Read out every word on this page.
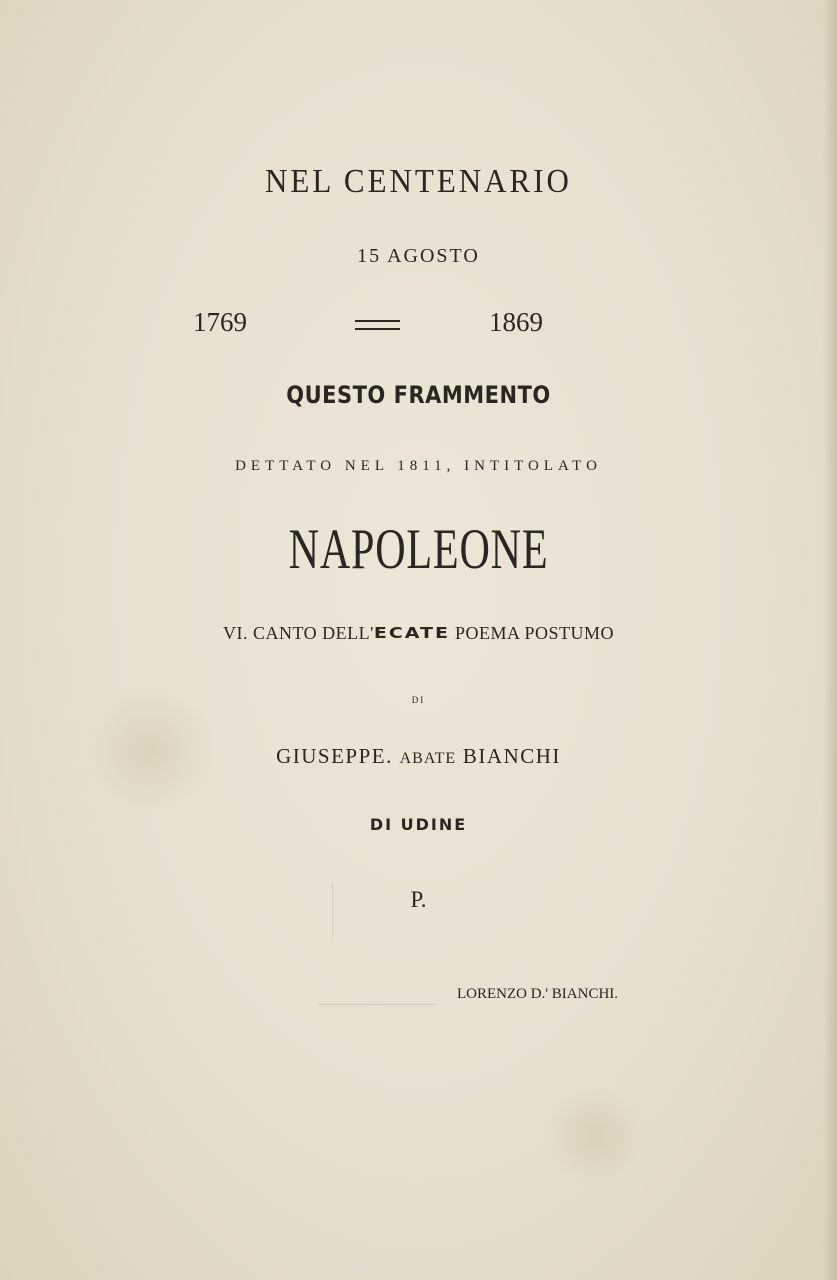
NEL CENTENARIO
15 AGOSTO
1769	1869
QUESTO FRAMMENTO
DETTATO NEL 1811, INTITOLATO
NAPOLEONE
VI. CANTO DELL'ECATE POEMA POSTUMO
DI
GIUSEPPE. ABATE BIANCHI
DI UDINE
P.
LORENZO D.' BIANCHI.
